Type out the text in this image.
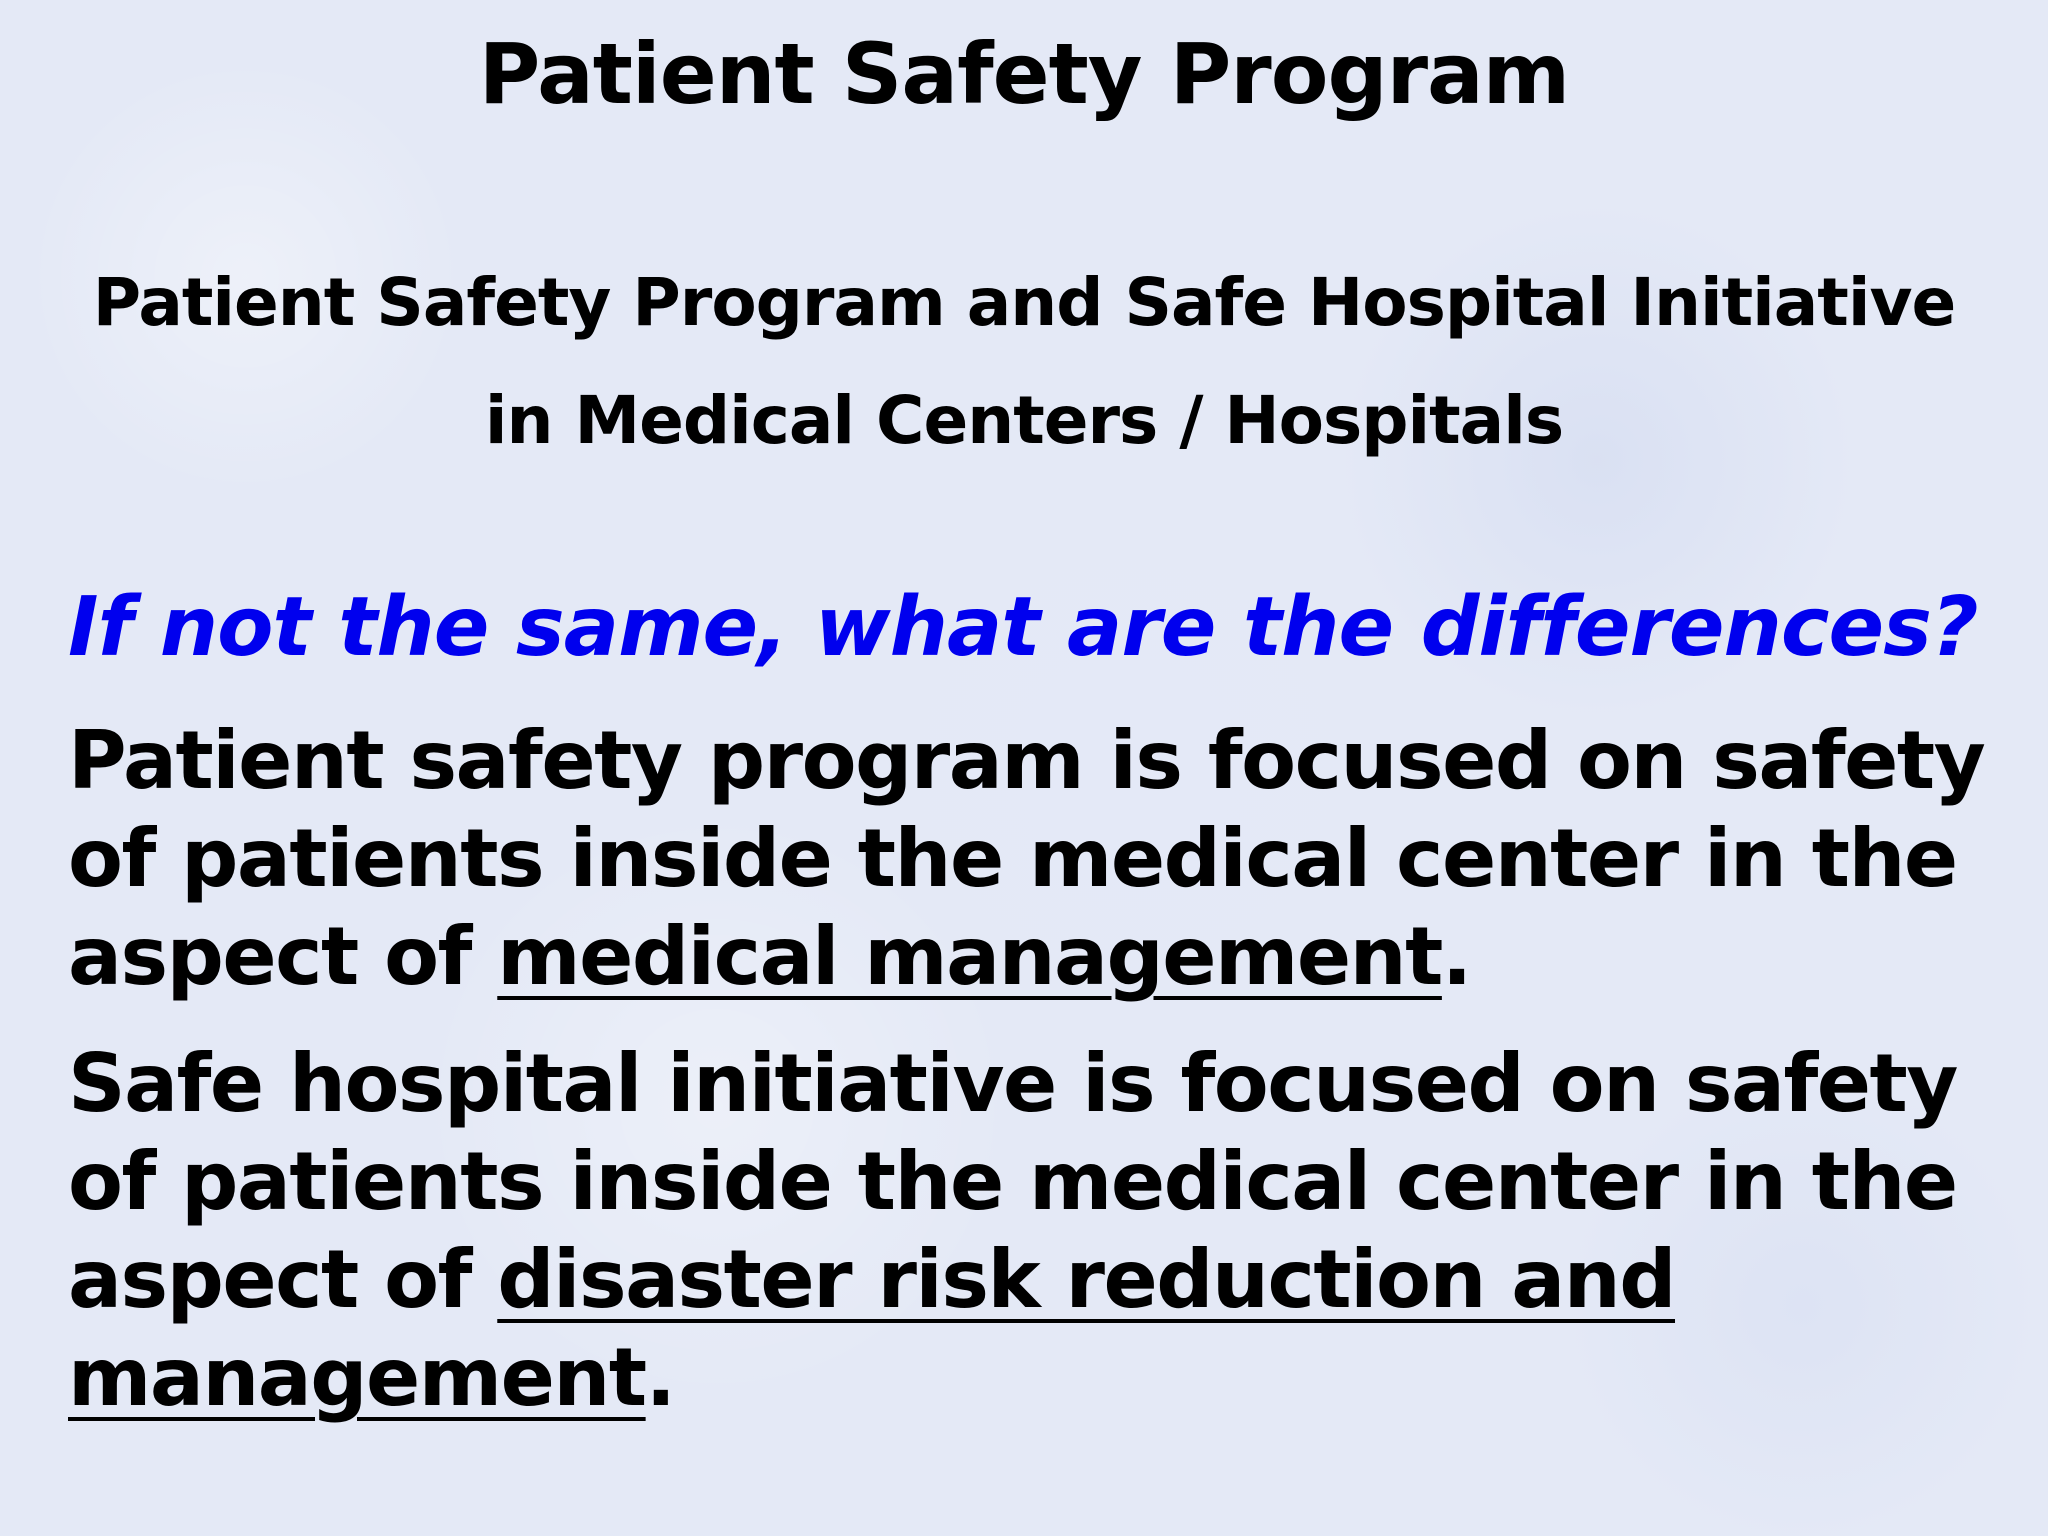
Patient Safety Program
Patient Safety Program and Safe Hospital Initiative
in Medical Centers / Hospitals
If not the same, what are the differences?
Patient safety program is focused on safety of patients inside the medical center in the aspect of medical management.
Safe hospital initiative is focused on safety of patients inside the medical center in the aspect of disaster risk reduction and management.
